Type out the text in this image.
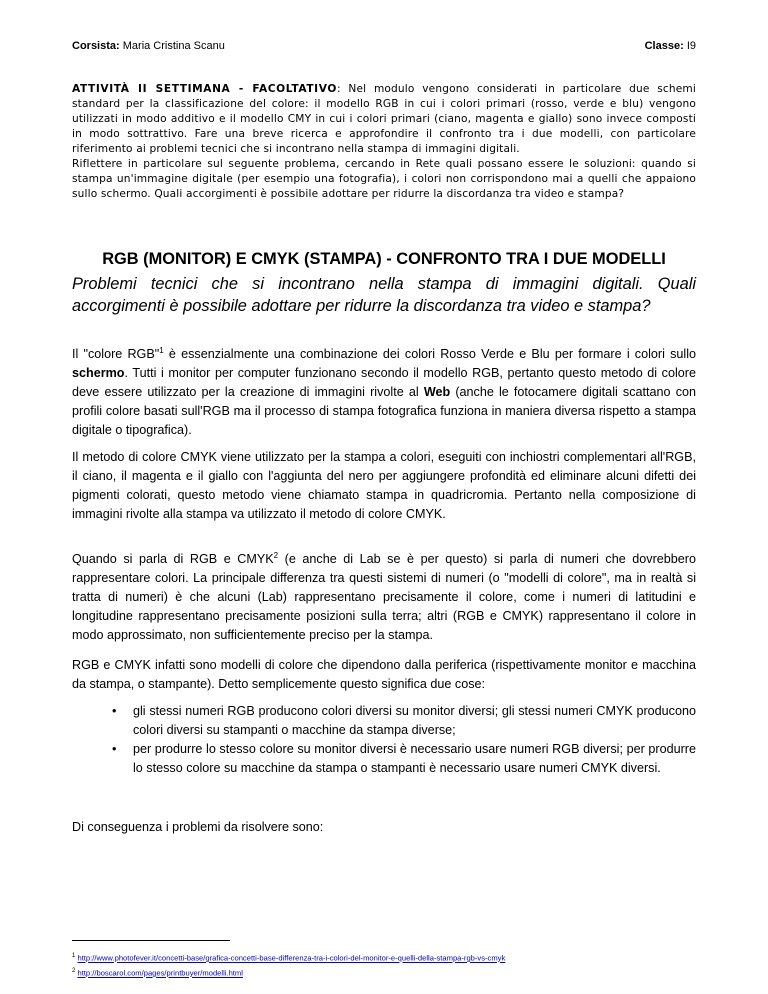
Corsista: Maria Cristina Scanu	Classe: I9

ATTIVITÀ II SETTIMANA - FACOLTATIVO: Nel modulo vengono considerati in particolare due schemi standard per la classificazione del colore: il modello RGB in cui i colori primari (rosso, verde e blu) vengono utilizzati in modo additivo e il modello CMY in cui i colori primari (ciano, magenta e giallo) sono invece composti in modo sottrattivo. Fare una breve ricerca e approfondire il confronto tra i due modelli, con particolare riferimento ai problemi tecnici che si incontrano nella stampa di immagini digitali.

Riflettere in particolare sul seguente problema, cercando in Rete quali possano essere le soluzioni: quando si stampa un'immagine digitale (per esempio una fotografia), i colori non corrispondono mai a quelli che appaiono sullo schermo. Quali accorgimenti è possibile adottare per ridurre la discordanza tra video e stampa?

RGB (MONITOR) E CMYK (STAMPA) - CONFRONTO TRA I DUE MODELLI

Problemi tecnici che si incontrano nella stampa di immagini digitali. Quali accorgimenti è possibile adottare per ridurre la discordanza tra video e stampa?

Il "colore RGB"$^1$ è essenzialmente una combinazione dei colori Rosso Verde e Blu per formare i colori sullo schermo. Tutti i monitor per computer funzionano secondo il modello RGB, pertanto questo metodo di colore deve essere utilizzato per la creazione di immagini rivolte al Web (anche le fotocamere digitali scattano con profili colore basati sull'RGB ma il processo di stampa fotografica funziona in maniera diversa rispetto a stampa digitale o tipografica).

Il metodo di colore CMYK viene utilizzato per la stampa a colori, eseguiti con inchiostri complementari all'RGB, il ciano, il magenta e il giallo con l'aggiunta del nero per aggiungere profondità ed eliminare alcuni difetti dei pigmenti colorati, questo metodo viene chiamato stampa in quadricromia. Pertanto nella composizione di immagini rivolte alla stampa va utilizzato il metodo di colore CMYK.

Quando si parla di RGB e CMYK$^2$ (e anche di Lab se è per questo) si parla di numeri che dovrebbero rappresentare colori. La principale differenza tra questi sistemi di numeri (o "modelli di colore", ma in realtà si tratta di numeri) è che alcuni (Lab) rappresentano precisamente il colore, come i numeri di latitudini e longitudine rappresentano precisamente posizioni sulla terra; altri (RGB e CMYK) rappresentano il colore in modo approssimato, non sufficientemente preciso per la stampa.

RGB e CMYK infatti sono modelli di colore che dipendono dalla periferica (rispettivamente monitor e macchina da stampa, o stampante). Detto semplicemente questo significa due cose:

• gli stessi numeri RGB producono colori diversi su monitor diversi; gli stessi numeri CMYK producono colori diversi su stampanti o macchine da stampa diverse;
• per produrre lo stesso colore su monitor diversi è necessario usare numeri RGB diversi; per produrre lo stesso colore su macchine da stampa o stampanti è necessario usare numeri CMYK diversi.

Di conseguenza i problemi da risolvere sono:

$^1$ http://www.photofever.it/concetti-base/grafica-concetti-base-differenza-tra-i-colori-del-monitor-e-quelli-della-stampa-rgb-vs-cmyk
$^2$ http://boscarol.com/pages/printbuyer/modelli.html
